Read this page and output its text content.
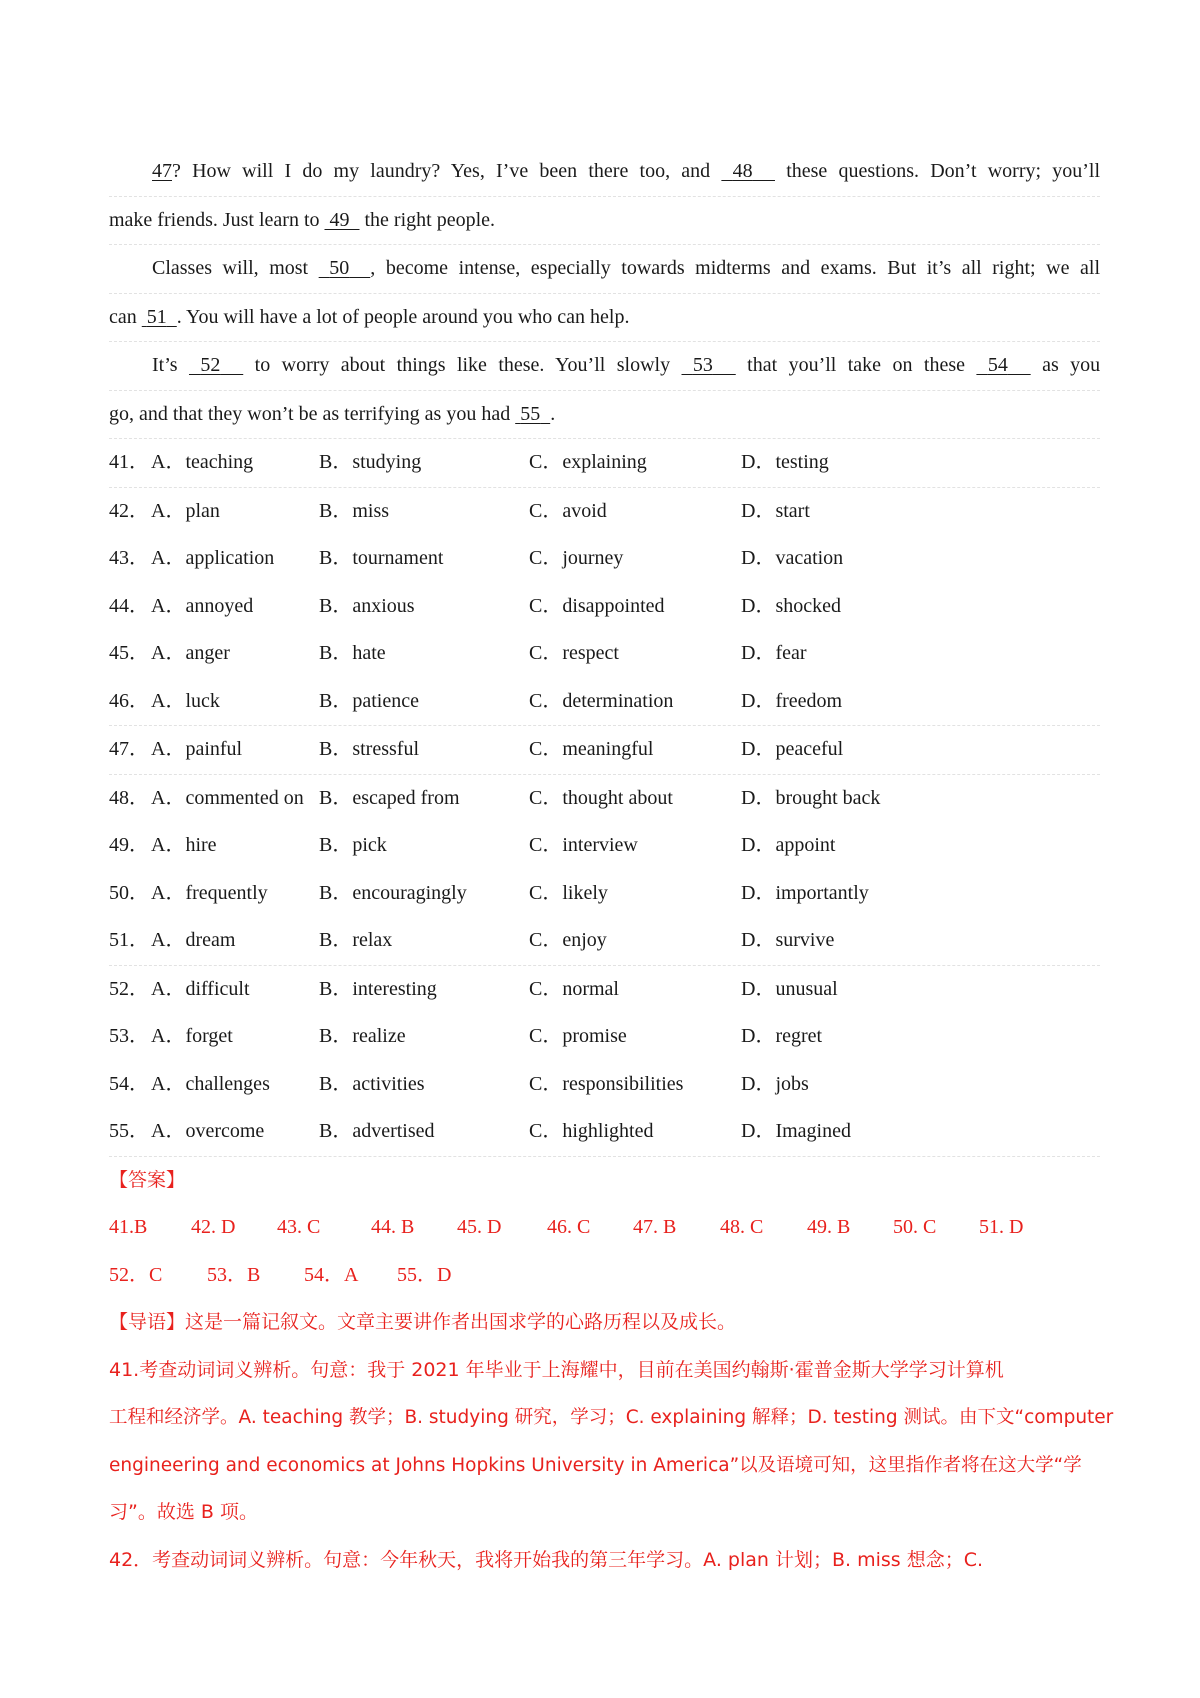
47? How will I do my laundry? Yes, I’ve been there too, and 48 these questions. Don’t worry; you’ll
make friends. Just learn to 49 the right people.
Classes will, most 50 , become intense, especially towards midterms and exams. But it’s all right; we all
can 51 . You will have a lot of people around you who can help.
It’s 52 to worry about things like these. You’ll slowly 53 that you’ll take on these 54 as you
go, and that they won’t be as terrifying as you had 55 .
41． A．teaching	B．studying	C．explaining	D．testing
42． A．plan	B．miss	C．avoid	D．start
43． A．application B．tournament	C．journey	D．vacation
44． A．annoyed	B．anxious	C．disappointed	D．shocked
45． A．anger	B．hate	C．respect	D．fear
46． A．luck	B．patience	C．determination	D．freedom
47． A．painful	B．stressful	C．meaningful	D．peaceful
48． A．commented on B．escaped from	C．thought about	D．brought back
49． A．hire	B．pick	C．interview	D．appoint
50． A．frequently	B．encouragingly	C．likely	D．importantly
51． A．dream	B．relax	C．enjoy	D．survive
52． A．difficult	B．interesting	C．normal	D．unusual
53． A．forget	B．realize	C．promise	D．regret
54． A．challenges B．activities	C．responsibilities	D．jobs
55． A．overcome	B．advertised	C．highlighted	D．Imagined
【答案】
41.B 42. D 43. C	44. B 45. D 46. C 47. B 48. C 49. B 50. C 51. D
52．C 53．B 54．A 55．D
【导语】这是一篇记叙文。文章主要讲作者出国求学的心路历程以及成长。
41.考查动词词义辨析。句意：我于 2021 年毕业于上海耀中，目前在美国约翰斯·霍普金斯大学学习计算机
工程和经济学。A. teaching 教学；B. studying 研究，学习；C. explaining 解释；D. testing 测试。由下文“computer
engineering and economics at Johns Hopkins University in America”以及语境可知，这里指作者将在这大学“学
习”。故选 B 项。
42．考查动词词义辨析。句意：今年秋天，我将开始我的第三年学习。A. plan 计划；B. miss 想念；C.
